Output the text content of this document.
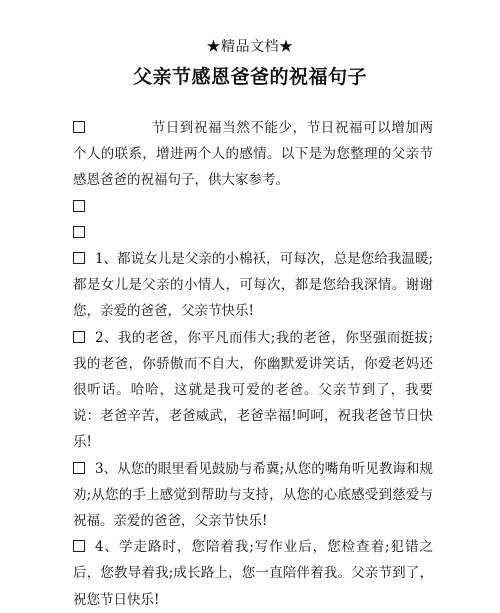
★精品文档★
父亲节感恩爸爸的祝福句子

节日到祝福当然不能少，节日祝福可以增加两个人的联系，增进两个人的感情。以下是为您整理的父亲节感恩爸爸的祝福句子，供大家参考。

1、都说女儿是父亲的小棉袄，可每次，总是您给我温暖;都是女儿是父亲的小情人，可每次，都是您给我深情。谢谢您，亲爱的爸爸，父亲节快乐!

2、我的老爸，你平凡而伟大;我的老爸，你坚强而挺拔;我的老爸，你骄傲而不自大，你幽默爱讲笑话，你爱老妈还很听话。哈哈，这就是我可爱的老爸。父亲节到了，我要说：老爸辛苦，老爸威武，老爸幸福!呵呵，祝我老爸节日快乐!

3、从您的眼里看见鼓励与希冀;从您的嘴角听见教诲和规劝;从您的手上感觉到帮助与支持，从您的心底感受到慈爱与祝福。亲爱的爸爸，父亲节快乐!

4、学走路时，您陪着我;写作业后，您检查着;犯错之后，您教导着我;成长路上，您一直陪伴着我。父亲节到了，祝您节日快乐!
